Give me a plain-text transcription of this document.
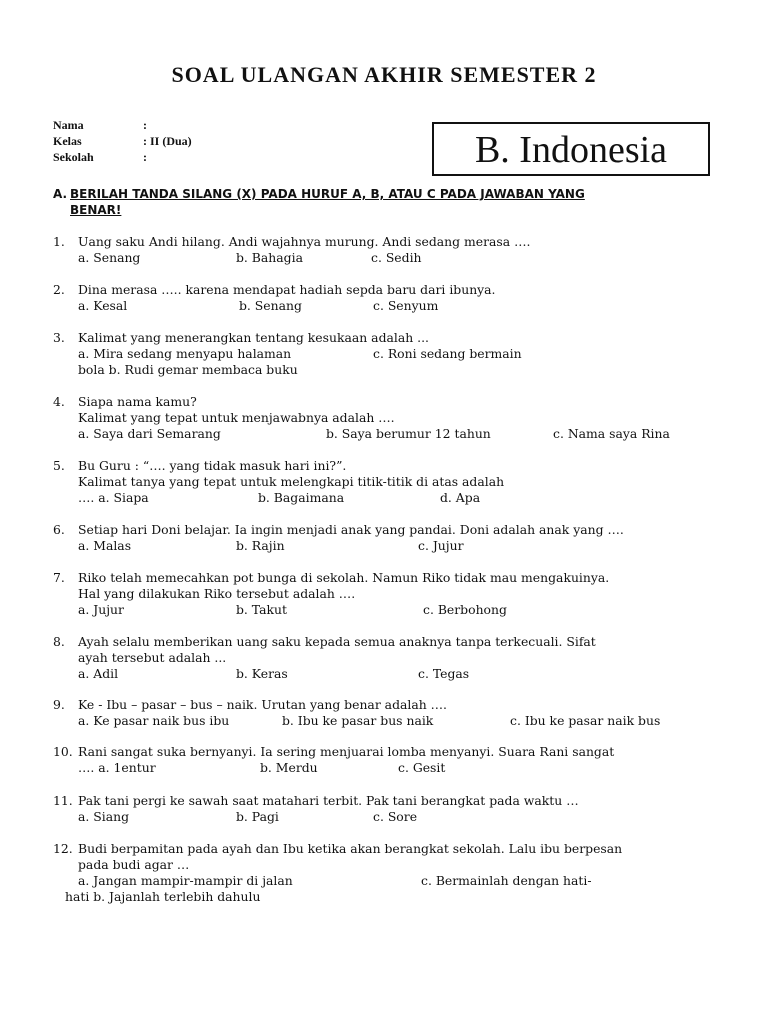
SOAL ULANGAN AKHIR SEMESTER 2
Nama	:
Kelas	: II (Dua)
Sekolah	:	B. Indonesia
A. BERILAH TANDA SILANG (X) PADA HURUF A, B, ATAU C PADA JAWABAN YANG
BENAR!
1. Uang saku Andi hilang. Andi wajahnya murung. Andi sedang merasa ….
a. Senang	b. Bahagia	c. Sedih
2. Dina merasa ….. karena mendapat hadiah sepda baru dari ibunya.
a. Kesal	b. Senang	c. Senyum
3. Kalimat yang menerangkan tentang kesukaan adalah ...
a. Mira sedang menyapu halaman	c. Roni sedang bermain
bola b. Rudi gemar membaca buku
4. Siapa nama kamu?
Kalimat yang tepat untuk menjawabnya adalah ….
a. Saya dari Semarang	b. Saya berumur 12 tahun	c. Nama saya Rina
5. Bu Guru : “…. yang tidak masuk hari ini?”.
Kalimat tanya yang tepat untuk melengkapi titik-titik di atas adalah
…. a. Siapa	b. Bagaimana	d. Apa
6. Setiap hari Doni belajar. Ia ingin menjadi anak yang pandai. Doni adalah anak yang ….
a. Malas	b. Rajin	c. Jujur
7. Riko telah memecahkan pot bunga di sekolah. Namun Riko tidak mau mengakuinya.
Hal yang dilakukan Riko tersebut adalah ….
a. Jujur	b. Takut	c. Berbohong
8. Ayah selalu memberikan uang saku kepada semua anaknya tanpa terkecuali. Sifat
ayah tersebut adalah ...
a. Adil	b. Keras	c. Tegas
9. Ke - Ibu – pasar – bus – naik. Urutan yang benar adalah ….
a. Ke pasar naik bus ibu	b. Ibu ke pasar bus naik	c. Ibu ke pasar naik bus
10. Rani sangat suka bernyanyi. Ia sering menjuarai lomba menyanyi. Suara Rani sangat
…. a. 1entur	b. Merdu	c. Gesit
11. Pak tani pergi ke sawah saat matahari terbit. Pak tani berangkat pada waktu …
a. Siang	b. Pagi	c. Sore
12. Budi berpamitan pada ayah dan Ibu ketika akan berangkat sekolah. Lalu ibu berpesan
pada budi agar …
a. Jangan mampir-mampir di jalan	c. Bermainlah dengan hati-
hati b. Jajanlah terlebih dahulu
